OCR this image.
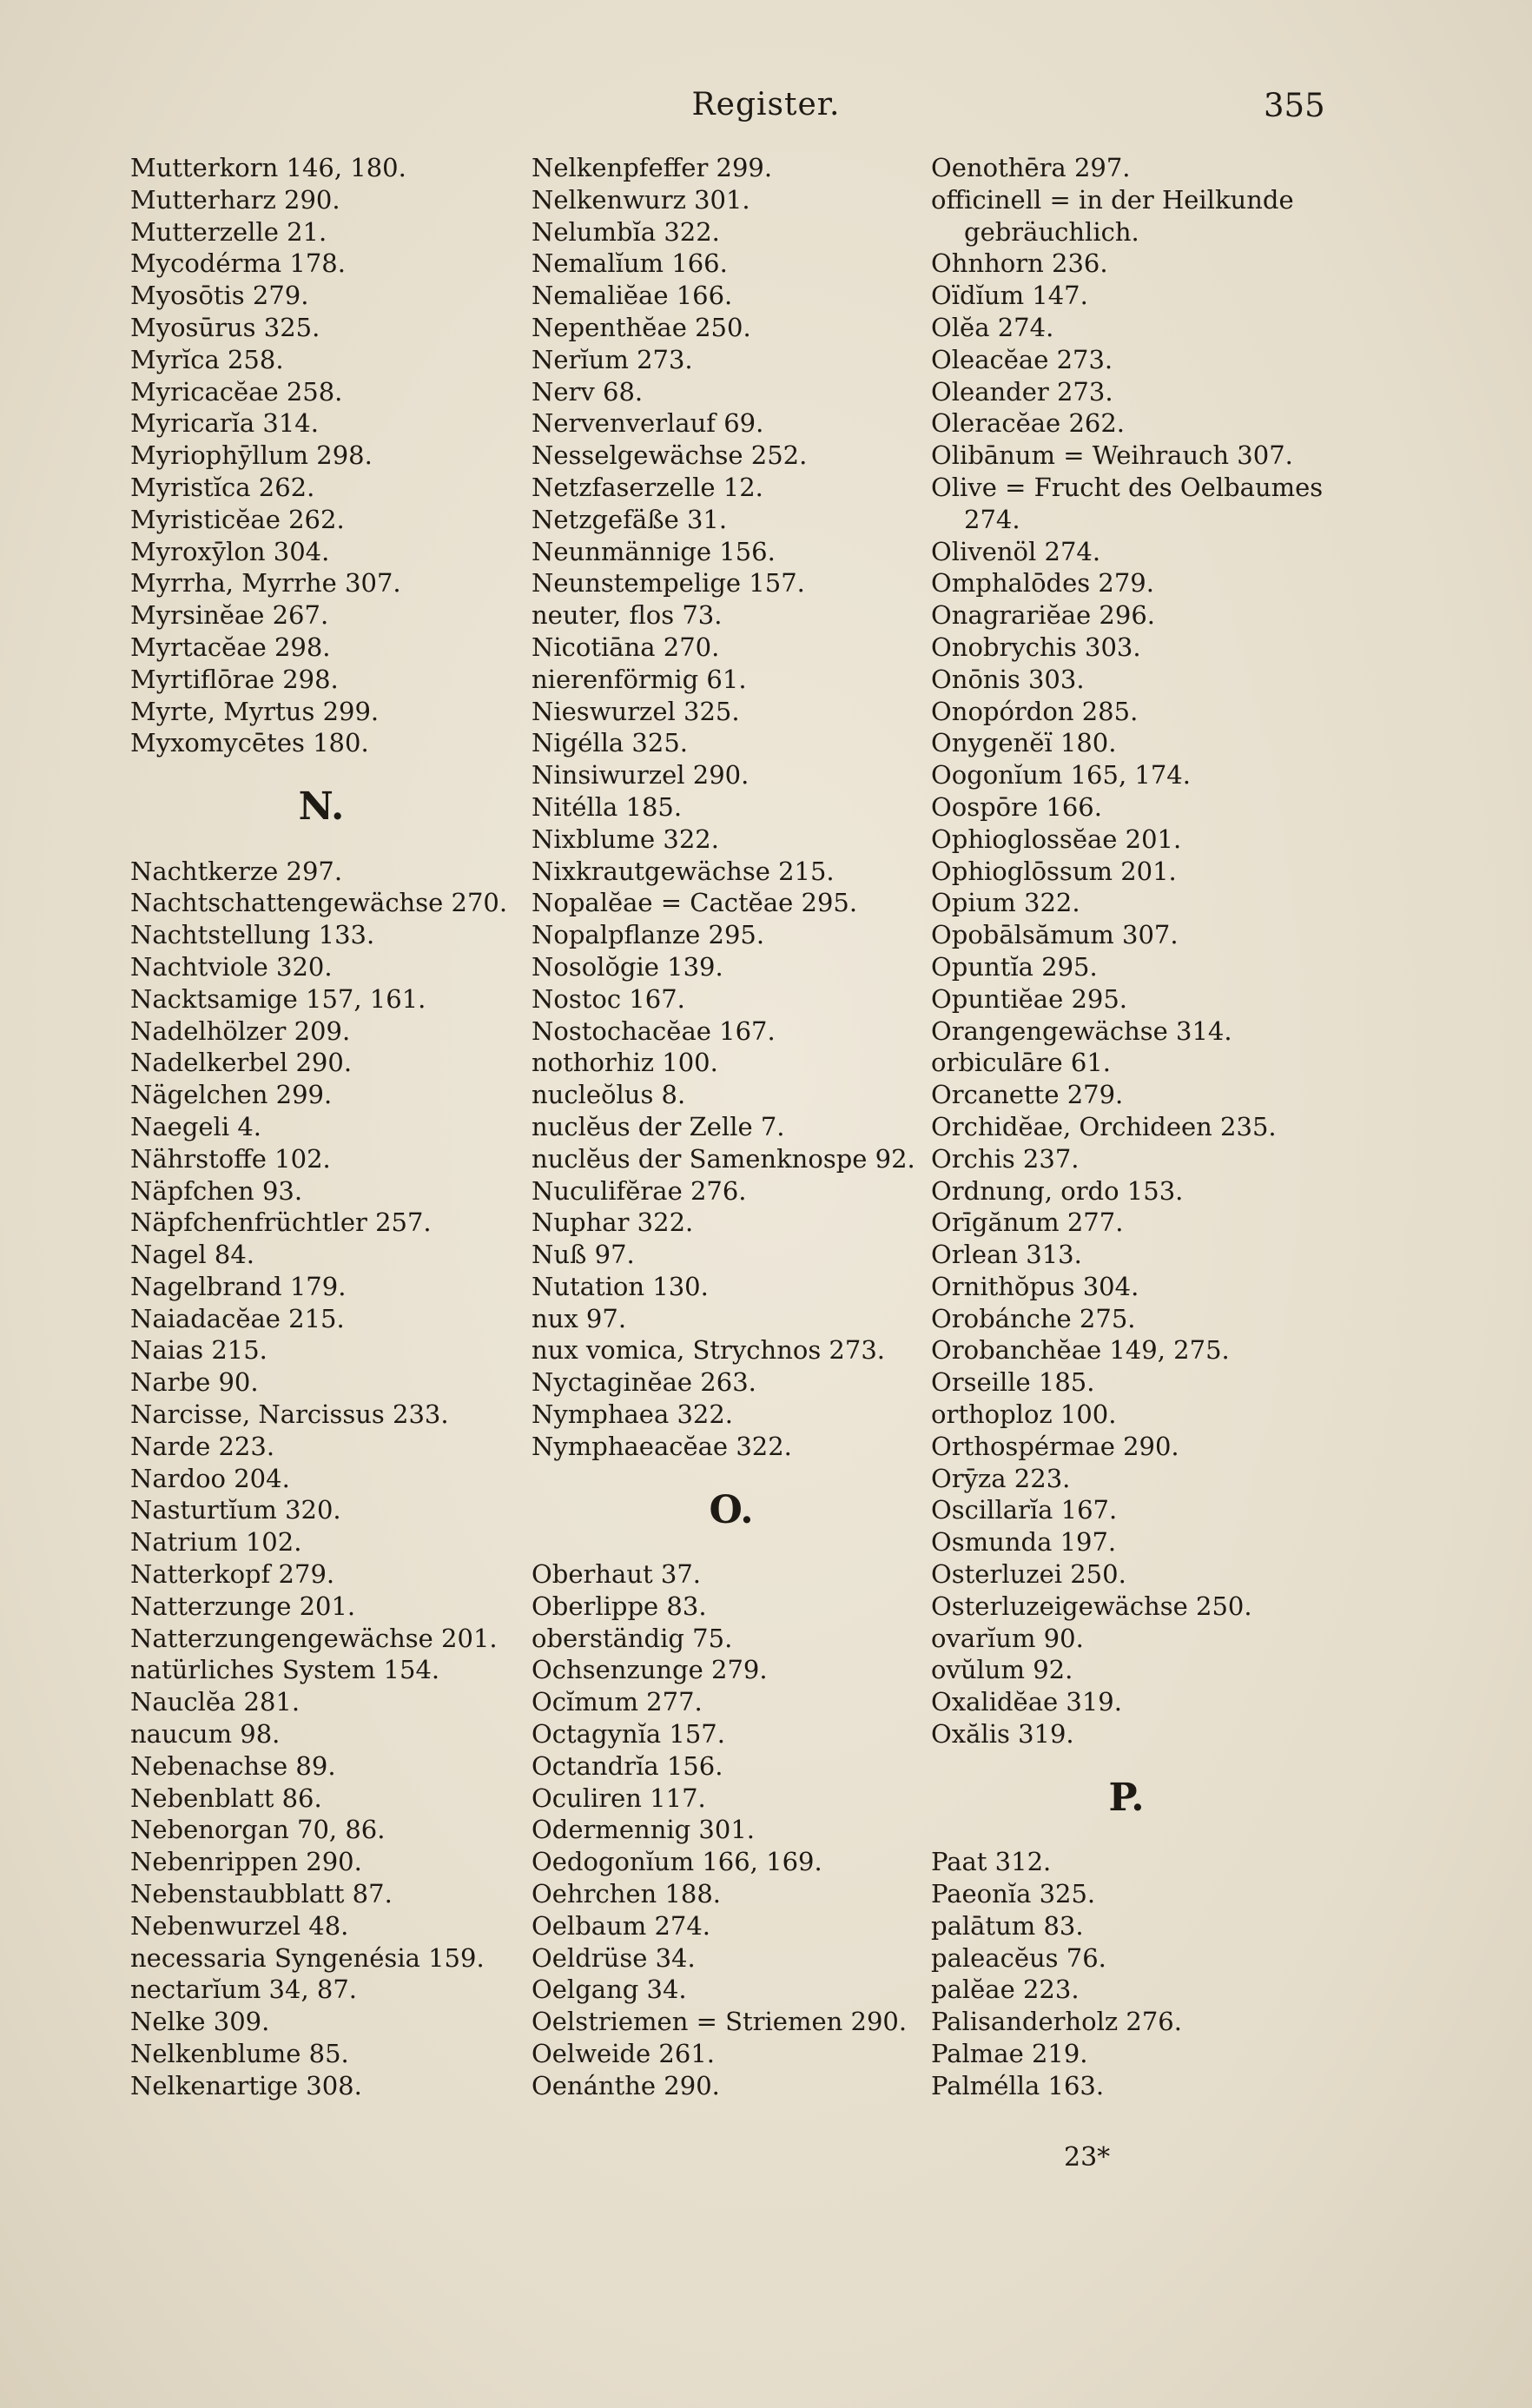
Register.	355
Mutterkorn 146, 180.
Mutterharz 290.
Mutterzelle 21.
Mycodérma 178.
Myosōtis 279.
Myosūrus 325.
Myrĭca 258.
Myricacĕae 258.
Myricarĭa 314.
Myriophȳllum 298.
Myristĭca 262.
Myristicĕae 262.
Myroxȳlon 304.
Myrrha, Myrrhe 307.
Myrsinĕae 267.
Myrtacĕae 298.
Myrtiflōrae 298.
Myrte, Myrtus 299.
Myxomycētes 180.
N.
Nachtkerze 297.
Nachtschattengewächse 270.
Nachtstellung 133.
Nachtviole 320.
Nacktsamige 157, 161.
Nadelhölzer 209.
Nadelkerbel 290.
Nägelchen 299.
Naegeli 4.
Nährstoffe 102.
Näpfchen 93.
Näpfchenfrüchtler 257.
Nagel 84.
Nagelbrand 179.
Naiadacĕae 215.
Naias 215.
Narbe 90.
Narcisse, Narcissus 233.
Narde 223.
Nardoo 204.
Nasturtĭum 320.
Natrium 102.
Natterkopf 279.
Natterzunge 201.
Natterzungengewächse 201.
natürliches System 154.
Nauclĕa 281.
naucum 98.
Nebenachse 89.
Nebenblatt 86.
Nebenorgan 70, 86.
Nebenrippen 290.
Nebenstaubblatt 87.
Nebenwurzel 48.
necessaria Syngenésia 159.
nectarĭum 34, 87.
Nelke 309.
Nelkenblume 85.
Nelkenartige 308.
Nelkenpfeffer 299.
Nelkenwurz 301.
Nelumbĭa 322.
Nemalĭum 166.
Nemaliĕae 166.
Nepenthĕae 250.
Nerĭum 273.
Nerv 68.
Nervenverlauf 69.
Nesselgewächse 252.
Netzfaserzelle 12.
Netzgefäße 31.
Neunmännige 156.
Neunstempelige 157.
neuter, flos 73.
Nicotiāna 270.
nierenförmig 61.
Nieswurzel 325.
Nigélla 325.
Ninsiwurzel 290.
Nitélla 185.
Nixblume 322.
Nixkrautgewächse 215.
Nopalĕae = Cactĕae 295.
Nopalpflanze 295.
Nosolŏgie 139.
Nostoc 167.
Nostochacĕae 167.
nothorhiz 100.
nucleŏlus 8.
nuclĕus der Zelle 7.
nuclĕus der Samenknospe 92.
Nuculifĕrae 276.
Nuphar 322.
Nuß 97.
Nutation 130.
nux 97.
nux vomica, Strychnos 273.
Nyctaginĕae 263.
Nymphaea 322.
Nymphaeacĕae 322.
O.
Oberhaut 37.
Oberlippe 83.
oberständig 75.
Ochsenzunge 279.
Ocĭmum 277.
Octagynĭa 157.
Octandrĭa 156.
Oculiren 117.
Odermennig 301.
Oedogonĭum 166, 169.
Oehrchen 188.
Oelbaum 274.
Oeldrüse 34.
Oelgang 34.
Oelstriemen = Striemen 290.
Oelweide 261.
Oenánthe 290.
Oenothēra 297.
officinell = in der Heilkunde
gebräuchlich.
Ohnhorn 236.
Oïdĭum 147.
Olĕa 274.
Oleacĕae 273.
Oleander 273.
Oleracĕae 262.
Olibānum = Weihrauch 307.
Olive = Frucht des Oelbaumes
274.
Olivenöl 274.
Omphalōdes 279.
Onagrariĕae 296.
Onobrychis 303.
Onōnis 303.
Onopórdon 285.
Onygenĕï 180.
Oogonĭum 165, 174.
Oospōre 166.
Ophioglossĕae 201.
Ophioglōssum 201.
Opium 322.
Opobālsămum 307.
Opuntĭa 295.
Opuntiĕae 295.
Orangengewächse 314.
orbiculāre 61.
Orcanette 279.
Orchidĕae, Orchideen 235.
Orchis 237.
Ordnung, ordo 153.
Orīgănum 277.
Orlean 313.
Ornithŏpus 304.
Orobánche 275.
Orobanchĕae 149, 275.
Orseille 185.
orthoploz 100.
Orthospérmae 290.
Orȳza 223.
Oscillarĭa 167.
Osmunda 197.
Osterluzei 250.
Osterluzeigewächse 250.
ovarĭum 90.
ovŭlum 92.
Oxalidĕae 319.
Oxălis 319.
P.
Paat 312.
Paeonĭa 325.
palātum 83.
paleacĕus 76.
palĕae 223.
Palisanderholz 276.
Palmae 219.
Palmélla 163.
23*
